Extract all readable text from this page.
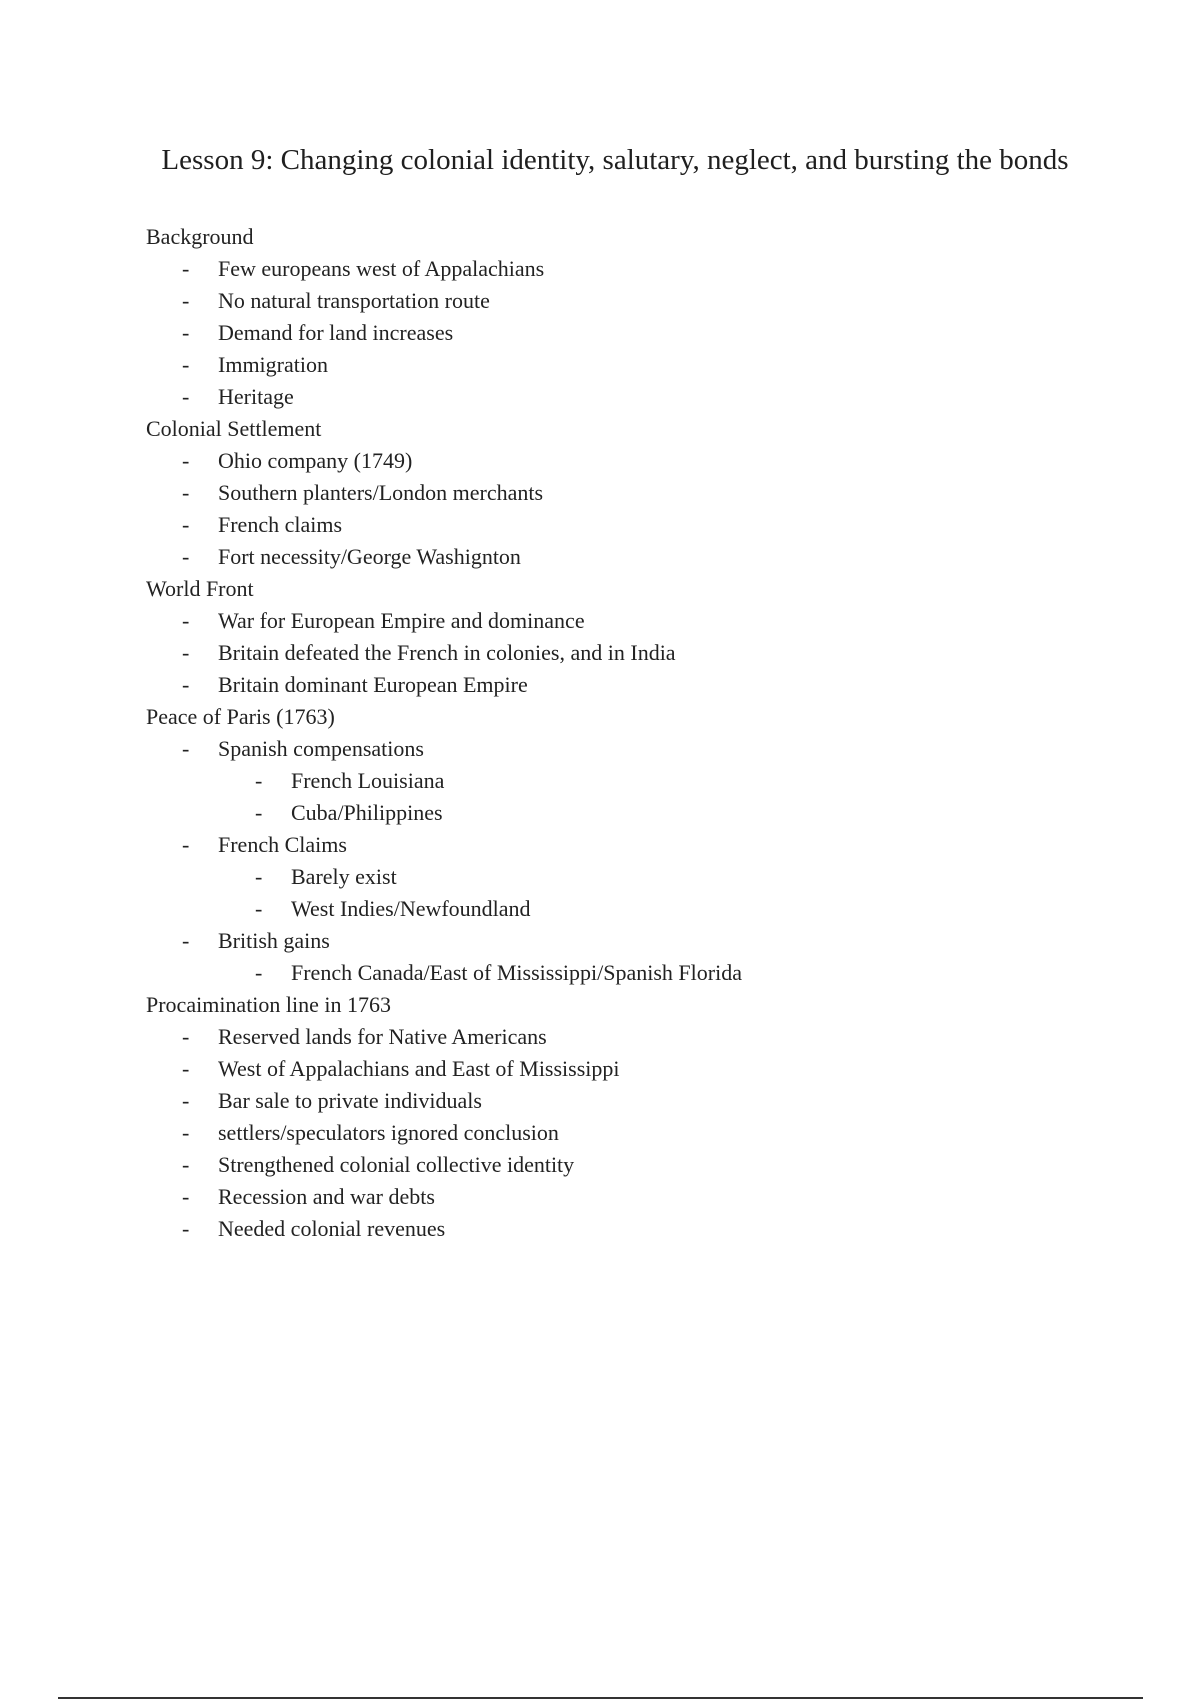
Lesson 9: Changing colonial identity, salutary, neglect, and bursting the bonds
Background
- Few europeans west of Appalachians
- No natural transportation route
- Demand for land increases
- Immigration
- Heritage
Colonial Settlement
- Ohio company (1749)
- Southern planters/London merchants
- French claims
- Fort necessity/George Washignton
World Front
- War for European Empire and dominance
- Britain defeated the French in colonies, and in India
- Britain dominant European Empire
Peace of Paris (1763)
- Spanish compensations
- French Louisiana
- Cuba/Philippines
- French Claims
- Barely exist
- West Indies/Newfoundland
- British gains
- French Canada/East of Mississippi/Spanish Florida
Procaimination line in 1763
- Reserved lands for Native Americans
- West of Appalachians and East of Mississippi
- Bar sale to private individuals
- settlers/speculators ignored conclusion
- Strengthened colonial collective identity
- Recession and war debts
- Needed colonial revenues
